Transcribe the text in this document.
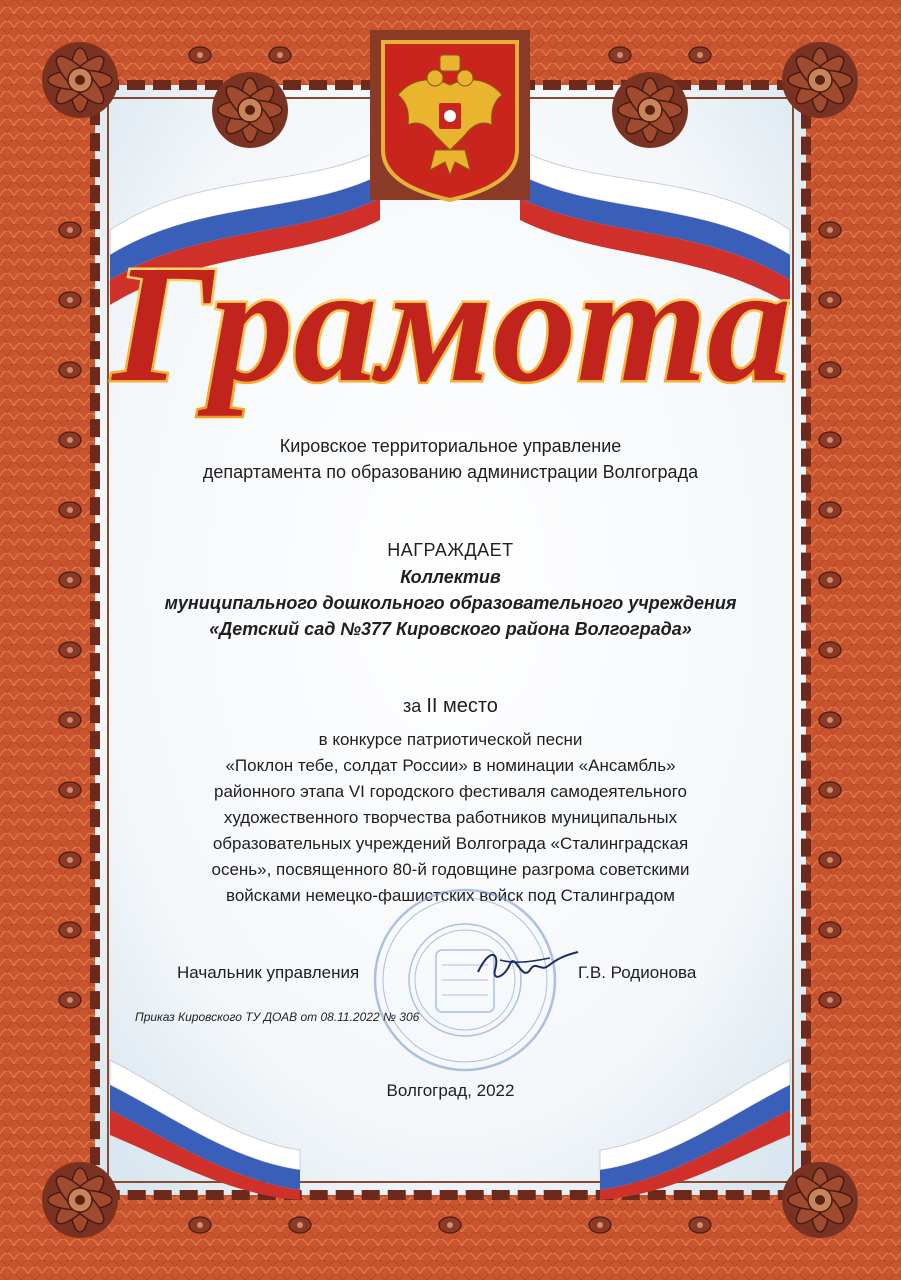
Грамота
Кировское территориальное управление
департамента по образованию администрации Волгограда
НАГРАЖДАЕТ
Коллектив
муниципального дошкольного образовательного учреждения
«Детский сад №377 Кировского района Волгограда»
за II место
в конкурсе патриотической песни
«Поклон тебе, солдат России» в номинации «Ансамбль»
районного этапа VI городского фестиваля самодеятельного
художественного творчества работников муниципальных
образовательных учреждений Волгограда «Сталинградская
осень», посвященного 80-й годовщине разгрома советскими
войсками немецко-фашистских войск под Сталинградом
Начальник управления	Г.В. Родионова
Приказ Кировского ТУ ДОАВ от 08.11.2022 № 306
Волгоград, 2022
